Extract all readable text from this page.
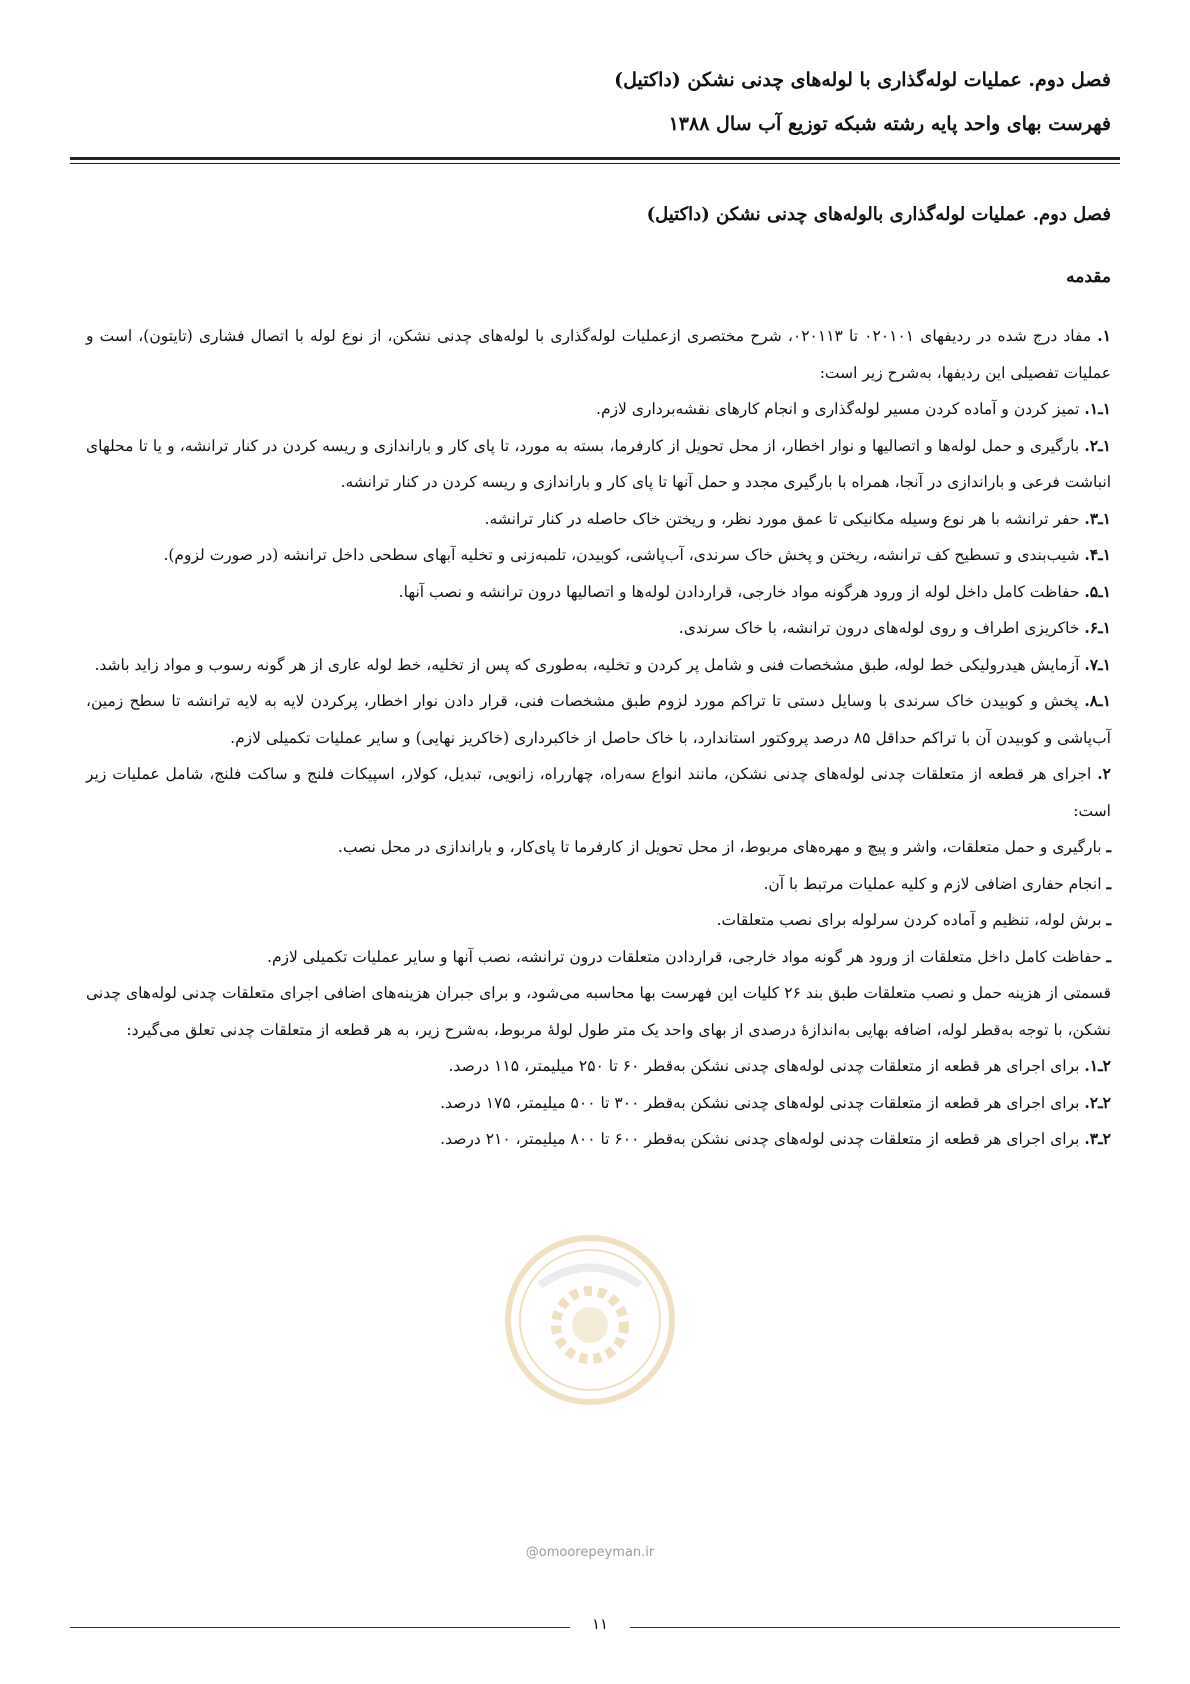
فصل دوم. عملیات لوله‌گذاری با لوله‌های چدنی نشکن (داکتیل)
فهرست بهای واحد پایه رشته شبکه توزیع آب سال ۱۳۸۸
فصل دوم. عملیات لوله‌گذاری بالوله‌های چدنی نشکن (داکتیل)
مقدمه

۱. مفاد درج شده در ردیفهای ۰۲۰۱۰۱ تا ۰۲۰۱۱۳، شرح مختصری ازعملیات لوله‌گذاری با لوله‌های چدنی نشکن، از نوع لوله با اتصال فشاری (تایتون)، است و عملیات تفصیلی این ردیفها، به‌شرح زیر است:

۱ـ۱. تمیز کردن و آماده کردن مسیر لوله‌گذاری و انجام کارهای نقشه‌برداری لازم.

۱ـ۲. بارگیری و حمل لوله‌ها و اتصالیها و نوار اخطار، از محل تحویل از کارفرما، بسته به مورد، تا پای کار و باراندازی و ریسه کردن در کنار ترانشه، و یا تا محلهای انباشت فرعی و باراندازی در آنجا، همراه با بارگیری مجدد و حمل آنها تا پای کار و باراندازی و ریسه کردن در کنار ترانشه.

۱ـ۳. حفر ترانشه با هر نوع وسیله مکانیکی تا عمق مورد نظر، و ریختن خاک حاصله در کنار ترانشه.

۱ـ۴. شیب‌بندی و تسطیح کف ترانشه، ریختن و پخش خاک سرندی، آب‌پاشی، کوبیدن، تلمبه‌زنی و تخلیه آبهای سطحی داخل ترانشه (در صورت لزوم).

۱ـ۵. حفاظت کامل داخل لوله از ورود هرگونه مواد خارجی، قراردادن لوله‌ها و اتصالیها درون ترانشه و نصب آنها.

۱ـ۶. خاکریزی اطراف و روی لوله‌های درون ترانشه، با خاک سرندی.

۱ـ۷. آزمایش هیدرولیکی خط لوله، طبق مشخصات فنی و شامل پر کردن و تخلیه، به‌طوری که پس از تخلیه، خط لوله عاری از هر گونه رسوب و مواد زاید باشد.

۱ـ۸. پخش و کوبیدن خاک سرندی با وسایل دستی تا تراکم مورد لزوم طبق مشخصات فنی، قرار دادن نوار اخطار، پرکردن لایه به لایه ترانشه تا سطح زمین، آب‌پاشی و کوبیدن آن با تراکم حداقل ۸۵ درصد پروکتور استاندارد، با خاک حاصل از خاکبرداری (خاکریز نهایی) و سایر عملیات تکمیلی لازم.

۲. اجرای هر قطعه از متعلقات چدنی لوله‌های چدنی نشکن، مانند انواع سه‌راه، چهارراه، زانویی، تبدیل، کولار، اسپیکات فلنج و ساکت فلنج، شامل عملیات زیر است:

ـ بارگیری و حمل متعلقات، واشر و پیچ و مهره‌های مربوط، از محل تحویل از کارفرما تا پای‌کار، و باراندازی در محل نصب.

ـ انجام حفاری اضافی لازم و کلیه عملیات مرتبط با آن.

ـ برش لوله، تنظیم و آماده کردن سرلوله برای نصب متعلقات.

ـ حفاظت کامل داخل متعلقات از ورود هر گونه مواد خارجی، قراردادن متعلقات درون ترانشه، نصب آنها و سایر عملیات تکمیلی لازم.

قسمتی از هزینه حمل و نصب متعلقات طبق بند ۲۶ کلیات این فهرست بها محاسبه می‌شود، و برای جبران هزینه‌های اضافی اجرای متعلقات چدنی لوله‌های چدنی نشکن، با توجه به‌قطر لوله، اضافه بهایی به‌اندازهٔ درصدی از بهای واحد یک متر طول لولهٔ مربوط، به‌شرح زیر، به هر قطعه از متعلقات چدنی تعلق می‌گیرد:

۲ـ۱. برای اجرای هر قطعه از متعلقات چدنی لوله‌های چدنی نشکن به‌قطر ۶۰ تا ۲۵۰ میلیمتر، ۱۱۵ درصد.

۲ـ۲. برای اجرای هر قطعه از متعلقات چدنی لوله‌های چدنی نشکن به‌قطر ۳۰۰ تا ۵۰۰ میلیمتر، ۱۷۵ درصد.

۲ـ۳. برای اجرای هر قطعه از متعلقات چدنی لوله‌های چدنی نشکن به‌قطر ۶۰۰ تا ۸۰۰ میلیمتر، ۲۱۰ درصد.

@omoorepeyman.ir
۱۱
